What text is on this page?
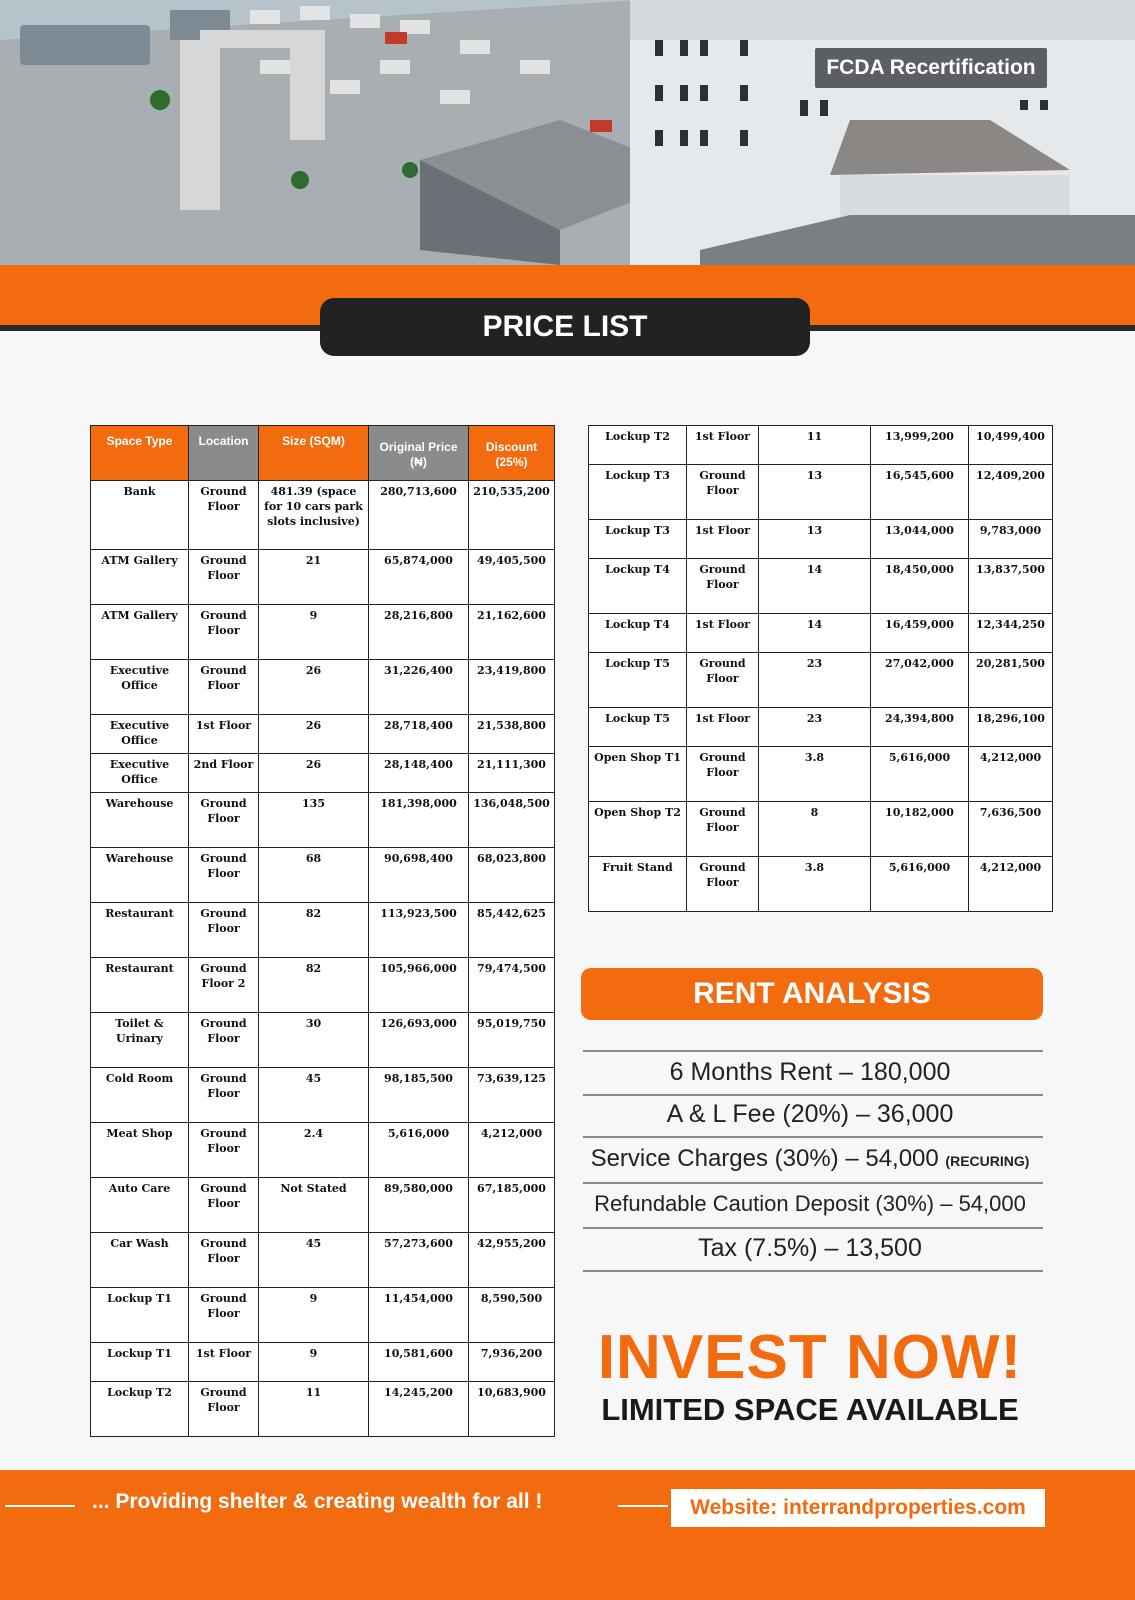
FCDA Recertification
PRICE LIST
Space Type	Location	Size (SQM)	Original Price (₦)	Discount (25%)
Bank	Ground Floor	481.39 (space for 10 cars park slots inclusive)	280,713,600	210,535,200
ATM Gallery	Ground Floor	21	65,874,000	49,405,500
ATM Gallery	Ground Floor	9	28,216,800	21,162,600
Executive Office	Ground Floor	26	31,226,400	23,419,800
Executive Office	1st Floor	26	28,718,400	21,538,800
Executive Office	2nd Floor	26	28,148,400	21,111,300
Warehouse	Ground Floor	135	181,398,000	136,048,500
Warehouse	Ground Floor	68	90,698,400	68,023,800
Restaurant	Ground Floor	82	113,923,500	85,442,625
Restaurant	Ground Floor 2	82	105,966,000	79,474,500
Toilet & Urinary	Ground Floor	30	126,693,000	95,019,750
Cold Room	Ground Floor	45	98,185,500	73,639,125
Meat Shop	Ground Floor	2.4	5,616,000	4,212,000
Auto Care	Ground Floor	Not Stated	89,580,000	67,185,000
Car Wash	Ground Floor	45	57,273,600	42,955,200
Lockup T1	Ground Floor	9	11,454,000	8,590,500
Lockup T1	1st Floor	9	10,581,600	7,936,200
Lockup T2	Ground Floor	11	14,245,200	10,683,900
Lockup T2	1st Floor	11	13,999,200	10,499,400
Lockup T3	Ground Floor	13	16,545,600	12,409,200
Lockup T3	1st Floor	13	13,044,000	9,783,000
Lockup T4	Ground Floor	14	18,450,000	13,837,500
Lockup T4	1st Floor	14	16,459,000	12,344,250
Lockup T5	Ground Floor	23	27,042,000	20,281,500
Lockup T5	1st Floor	23	24,394,800	18,296,100
Open Shop T1	Ground Floor	3.8	5,616,000	4,212,000
Open Shop T2	Ground Floor	8	10,182,000	7,636,500
Fruit Stand	Ground Floor	3.8	5,616,000	4,212,000
RENT ANALYSIS
6 Months Rent – 180,000
A & L Fee (20%) – 36,000
Service Charges (30%) – 54,000 (RECURING)
Refundable Caution Deposit (30%) – 54,000
Tax (7.5%) – 13,500
INVEST NOW!
LIMITED SPACE AVAILABLE
... Providing shelter & creating wealth for all !	Website: interrandproperties.com
